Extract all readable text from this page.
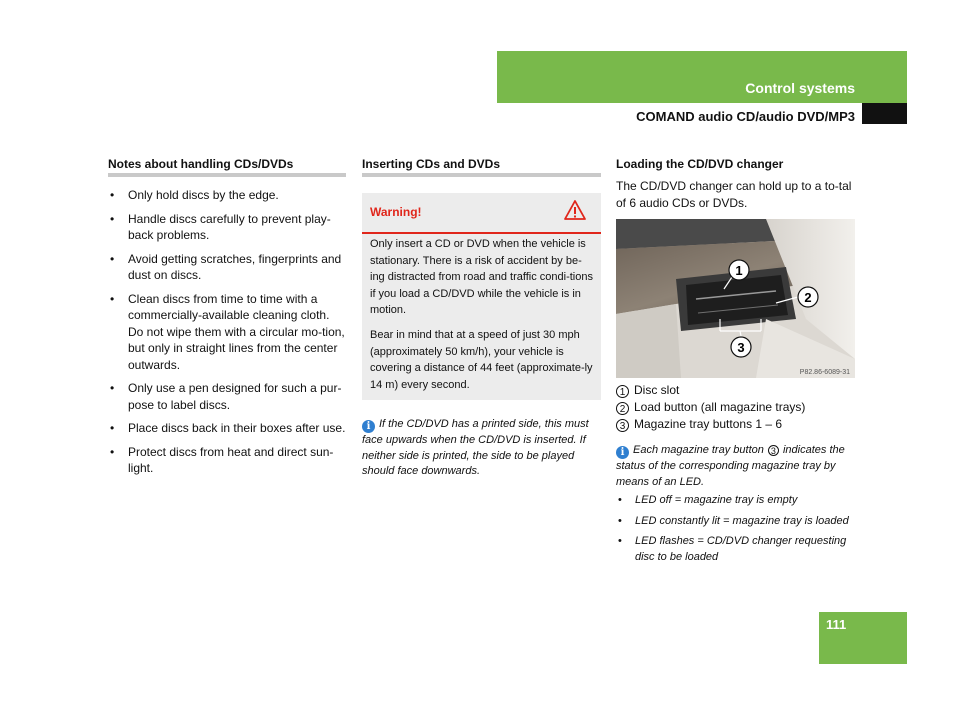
Control systems
COMAND audio CD/audio DVD/MP3
Notes about handling CDs/DVDs
• Only hold discs by the edge.
• Handle discs carefully to prevent play-back problems.
• Avoid getting scratches, fingerprints and dust on discs.
• Clean discs from time to time with a commercially-available cleaning cloth. Do not wipe them with a circular mo-tion, but only in straight lines from the center outwards.
• Only use a pen designed for such a pur-pose to label discs.
• Place discs back in their boxes after use.
• Protect discs from heat and direct sun-light.
Inserting CDs and DVDs
Warning!
Only insert a CD or DVD when the vehicle is stationary. There is a risk of accident by be-ing distracted from road and traffic condi-tions if you load a CD/DVD while the vehicle is in motion.
Bear in mind that at a speed of just 30 mph (approximately 50 km/h), your vehicle is covering a distance of 44 feet (approximate-ly 14 m) every second.
i If the CD/DVD has a printed side, this must face upwards when the CD/DVD is inserted. If neither side is printed, the side to be played should face downwards.
Loading the CD/DVD changer
The CD/DVD changer can hold up to a to-tal of 6 audio CDs or DVDs.
1
2
3
P82.86-6089-31
1 Disc slot
2 Load button (all magazine trays)
3 Magazine tray buttons 1 – 6
i Each magazine tray button 3 indicates the status of the corresponding magazine tray by means of an LED.
• LED off = magazine tray is empty
• LED constantly lit = magazine tray is loaded
• LED flashes = CD/DVD changer requesting disc to be loaded
111
